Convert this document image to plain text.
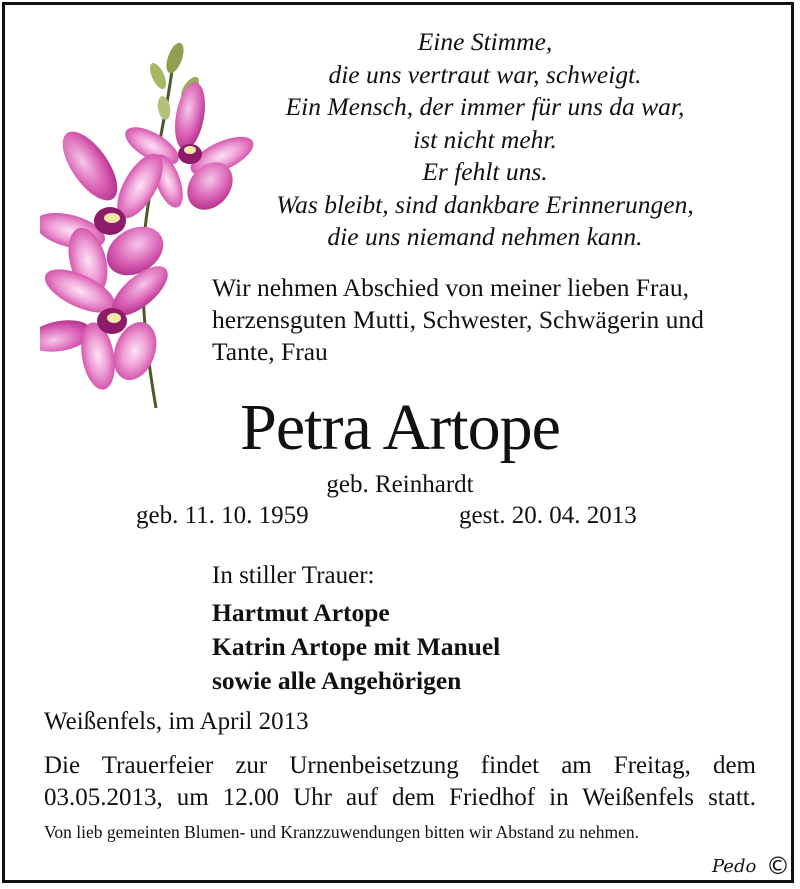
Eine Stimme,
die uns vertraut war, schweigt.
Ein Mensch, der immer für uns da war,
ist nicht mehr.
Er fehlt uns.
Was bleibt, sind dankbare Erinnerungen,
die uns niemand nehmen kann.
Wir nehmen Abschied von meiner lieben Frau,
herzensguten Mutti, Schwester, Schwägerin und
Tante, Frau
Petra Artope
geb. Reinhardt
geb. 11. 10. 1959	gest. 20. 04. 2013
In stiller Trauer:
Hartmut Artope
Katrin Artope mit Manuel
sowie alle Angehörigen
Weißenfels, im April 2013
Die Trauerfeier zur Urnenbeisetzung findet am Freitag, dem
03.05.2013, um 12.00 Uhr auf dem Friedhof in Weißenfels statt.
Von lieb gemeinten Blumen- und Kranzzuwendungen bitten wir Abstand zu nehmen.
Pedo ©
